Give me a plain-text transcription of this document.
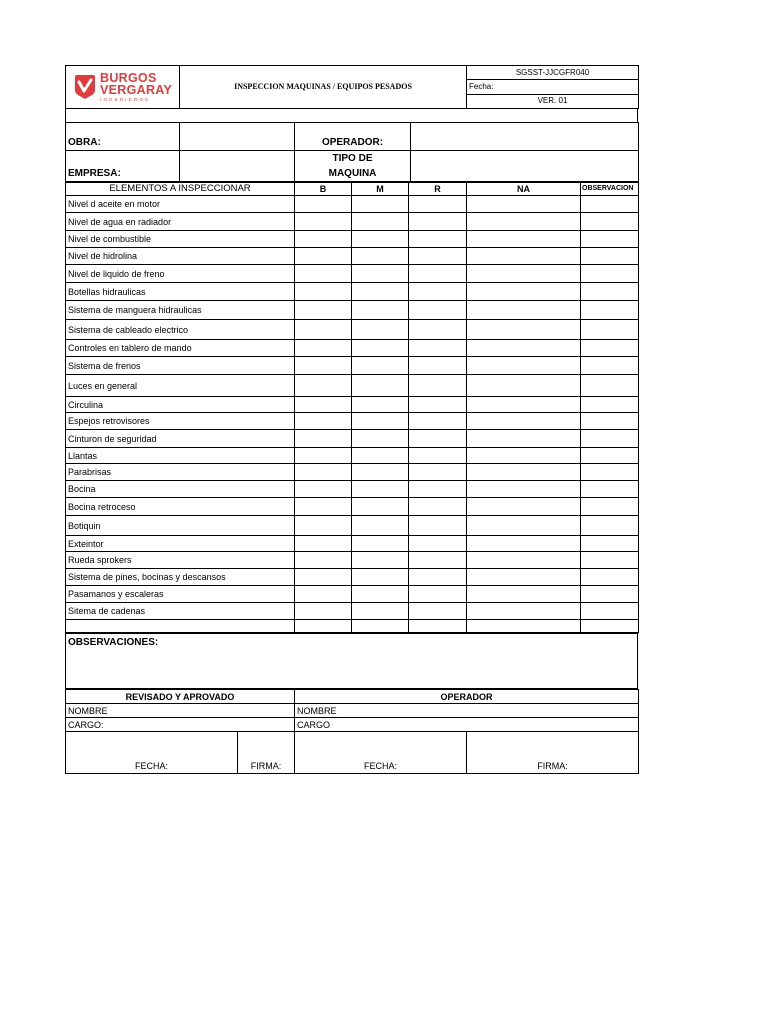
BURGOS
VERGARAY
INGENIEROS
	INSPECCION MAQUINAS / EQUIPOS PESADOS	SGSST-JJCGFR040
Fecha:
VER. 01
OBRA:		OPERADOR:	
EMPRESA:		TIPO DE
MAQUINA	

ELEMENTOS A INSPECCIONAR	B	M	R	NA	OBSERVACION
Nivel d aceite en motor					
Nivel de agua en radiador					
Nivel de combustible					
Nivel de hidrolina					
Nivel de liquido de freno					
Botellas hidraulicas					
Sistema de manguera hidraulicas					
Sistema de cableado electrico					
Controles en tablero de mando					
Sistema de frenos					
Luces en general					
Circulina					
Espejos retrovisores					
Cinturon de seguridad					
Llantas					
Parabrisas					
Bocina					
Bocina retroceso					
Botiquin					
Exteintor					
Rueda sprokers					
Sistema de pines, bocinas y descansos					
Pasamanos y escaleras					
Sitema de cadenas					

OBSERVACIONES:
REVISADO Y APROVADO		OPERADOR	
NOMBRE		NOMBRE	
CARGO:		CARGO	
FECHA:	FIRMA:	FECHA:	FIRMA:
